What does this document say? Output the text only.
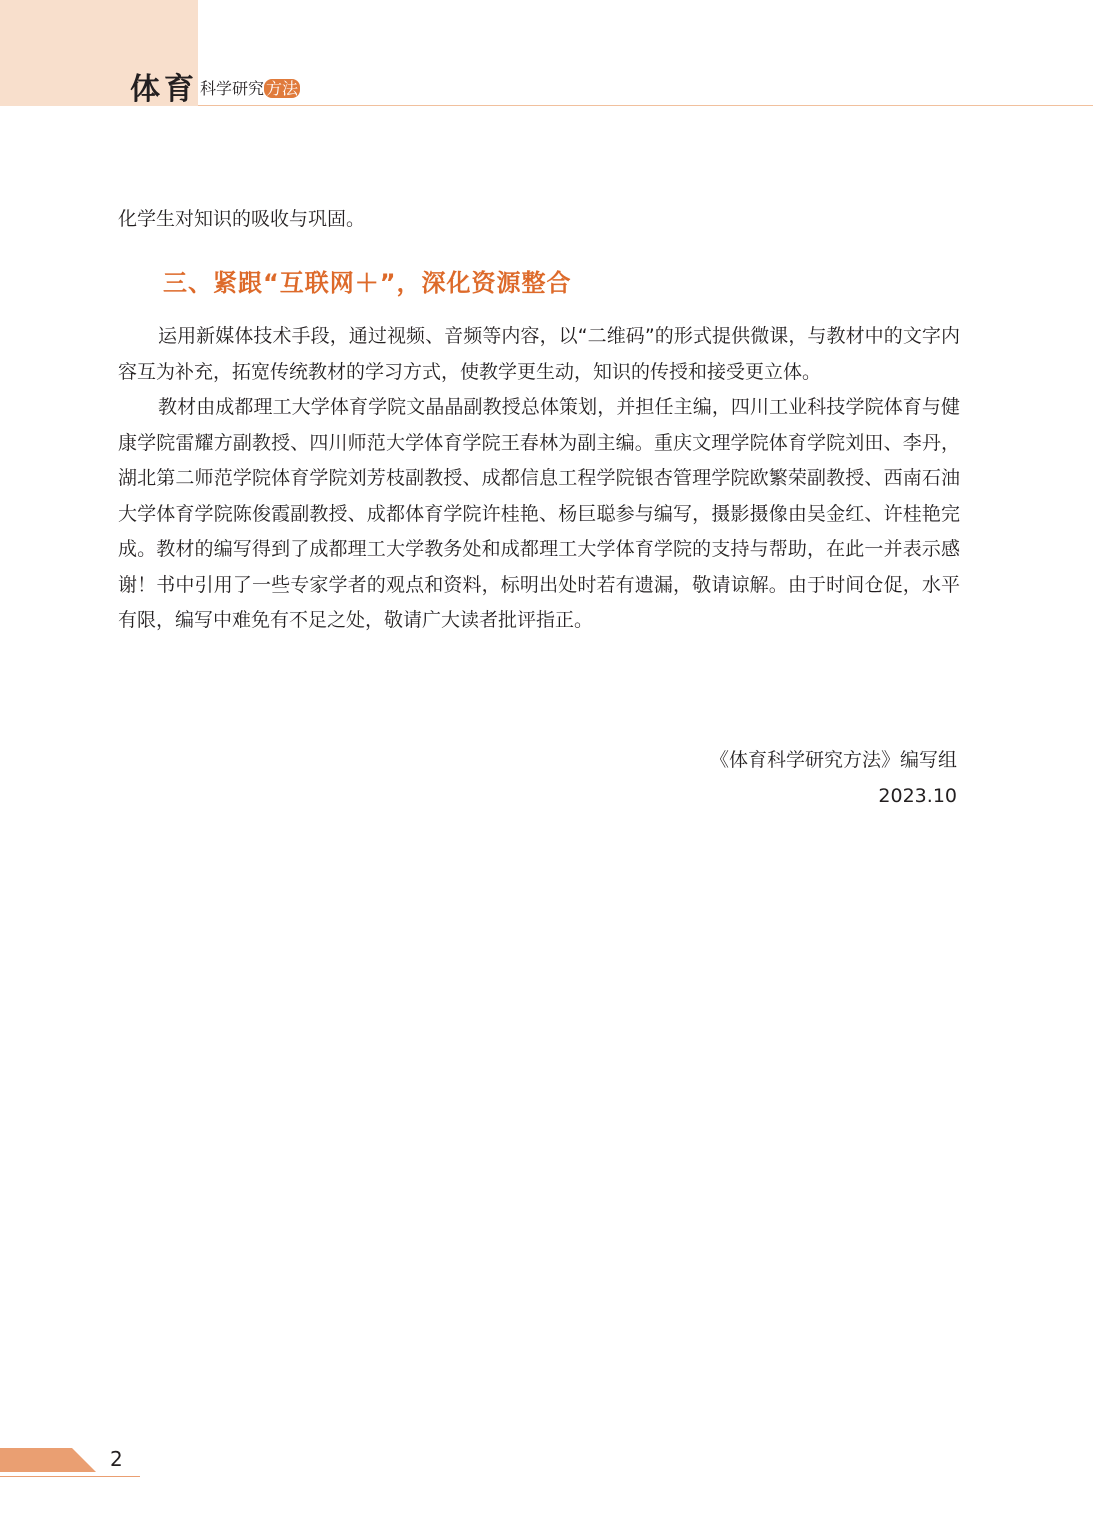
体育 科学研究 方法

化学生对知识的吸收与巩固。

三、紧跟“互联网＋”，深化资源整合

运用新媒体技术手段，通过视频、音频等内容，以“二维码”的形式提供微课，与教材中的文字内容互为补充，拓宽传统教材的学习方式，使教学更生动，知识的传授和接受更立体。

教材由成都理工大学体育学院文晶晶副教授总体策划，并担任主编，四川工业科技学院体育与健康学院雷耀方副教授、四川师范大学体育学院王春林为副主编。重庆文理学院体育学院刘田、李丹，湖北第二师范学院体育学院刘芳枝副教授、成都信息工程学院银杏管理学院欧繁荣副教授、西南石油大学体育学院陈俊霞副教授、成都体育学院许桂艳、杨巨聪参与编写，摄影摄像由吴金红、许桂艳完成。教材的编写得到了成都理工大学教务处和成都理工大学体育学院的支持与帮助，在此一并表示感谢！书中引用了一些专家学者的观点和资料，标明出处时若有遗漏，敬请谅解。由于时间仓促，水平有限，编写中难免有不足之处，敬请广大读者批评指正。

《体育科学研究方法》编写组

2023.10

2
